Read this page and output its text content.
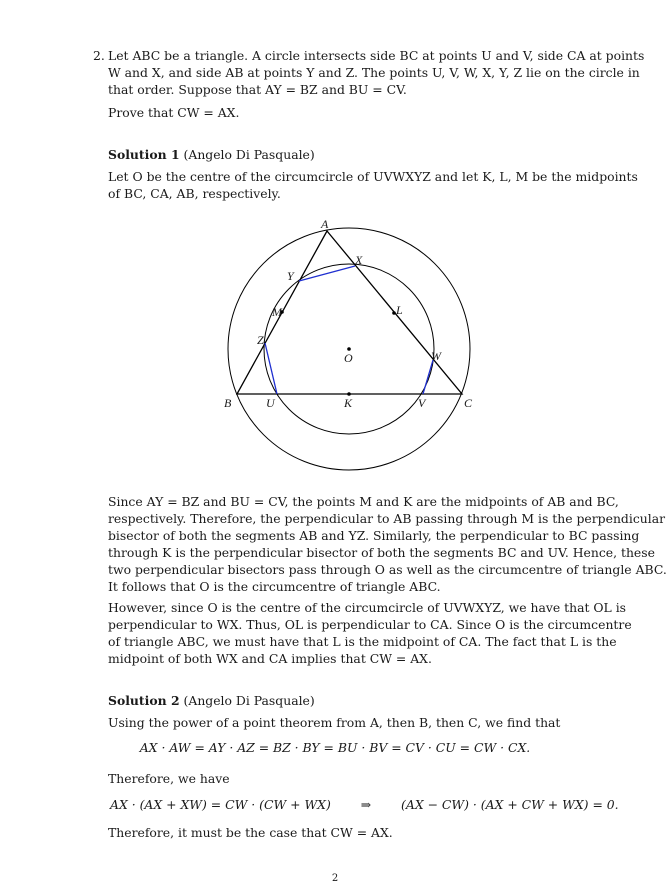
2. Let ABC be a triangle. A circle intersects side BC at points U and V, side CA at points
W and X, and side AB at points Y and Z. The points U, V, W, X, Y, Z lie on the circle in
that order. Suppose that AY = BZ and BU = CV.
Prove that CW = AX.
Solution 1 (Angelo Di Pasquale)
Let O be the centre of the circumcircle of UVWXYZ and let K, L, M be the midpoints
of BC, CA, AB, respectively.
A
B	C
U	V
W
X
Y
Z
K
L
M
O
Since AY = BZ and BU = CV, the points M and K are the midpoints of AB and BC,
respectively. Therefore, the perpendicular to AB passing through M is the perpendicular
bisector of both the segments AB and YZ. Similarly, the perpendicular to BC passing
through K is the perpendicular bisector of both the segments BC and UV. Hence, these
two perpendicular bisectors pass through O as well as the circumcentre of triangle ABC.
It follows that O is the circumcentre of triangle ABC.
However, since O is the centre of the circumcircle of UVWXYZ, we have that OL is
perpendicular to WX. Thus, OL is perpendicular to CA. Since O is the circumcentre
of triangle ABC, we must have that L is the midpoint of CA. The fact that L is the
midpoint of both WX and CA implies that CW = AX.
Solution 2 (Angelo Di Pasquale)
Using the power of a point theorem from A, then B, then C, we find that
AX · AW = AY · AZ = BZ · BY = BU · BV = CV · CU = CW · CX.
Therefore, we have
AX · (AX + XW) = CW · (CW + WX) ⇒ (AX − CW) · (AX + CW + WX) = 0.
Therefore, it must be the case that CW = AX.
2
